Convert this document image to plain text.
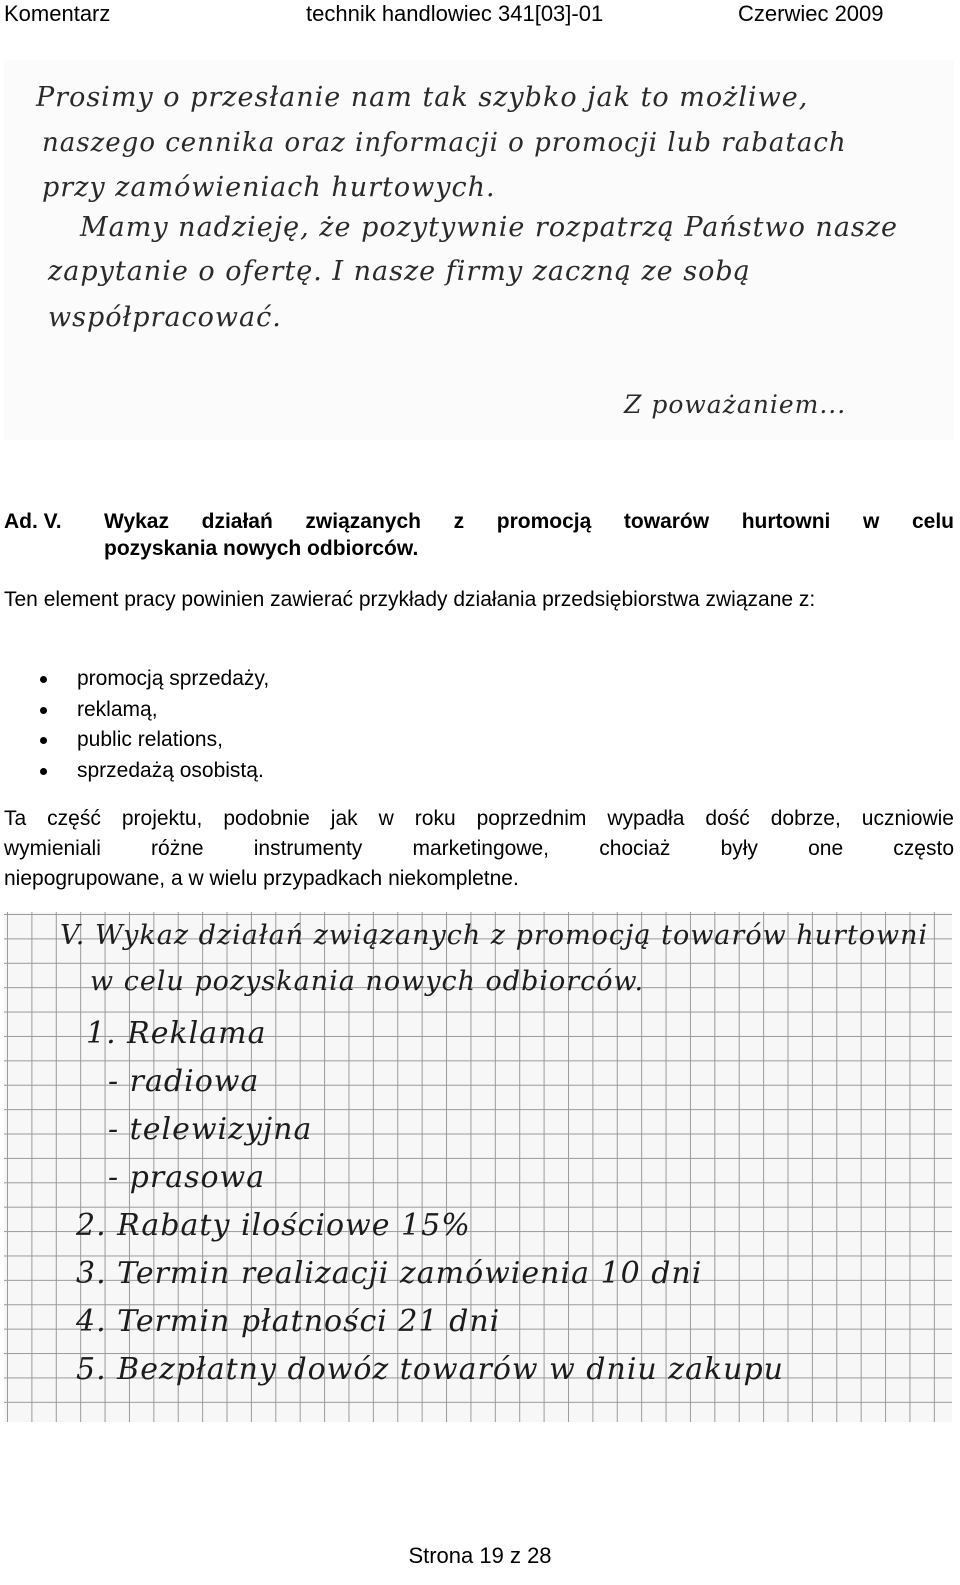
Komentarz	technik handlowiec 341[03]-01	Czerwiec 2009
Prosimy o przesłanie nam tak szybko jak to możliwe,
naszego cennika oraz informacji o promocji lub rabatach
przy zamówieniach hurtowych.
Mamy nadzieję, że pozytywnie rozpatrzą Państwo nasze
zapytanie o ofertę. I nasze firmy zaczną ze sobą
współpracować.
Z poważaniem...
Ad. V. Wykaz działań związanych z promocją towarów hurtowni w celu
pozyskania nowych odbiorców.
Ten element pracy powinien zawierać przykłady działania przedsiębiorstwa związane z:
promocją sprzedaży,
reklamą,
public relations,
sprzedażą osobistą.
Ta część projektu, podobnie jak w roku poprzednim wypadła dość dobrze, uczniowie
wymieniali różne instrumenty marketingowe, chociaż były one często
niepogrupowane, a w wielu przypadkach niekompletne.
V. Wykaz działań związanych z promocją towarów hurtowni
w celu pozyskania nowych odbiorców.
1. Reklama
- radiowa
- telewizyjna
- prasowa
2. Rabaty ilościowe 15%
3. Termin realizacji zamówienia 10 dni
4. Termin płatności 21 dni
5. Bezpłatny dowóz towarów w dniu zakupu
Strona 19 z 28
